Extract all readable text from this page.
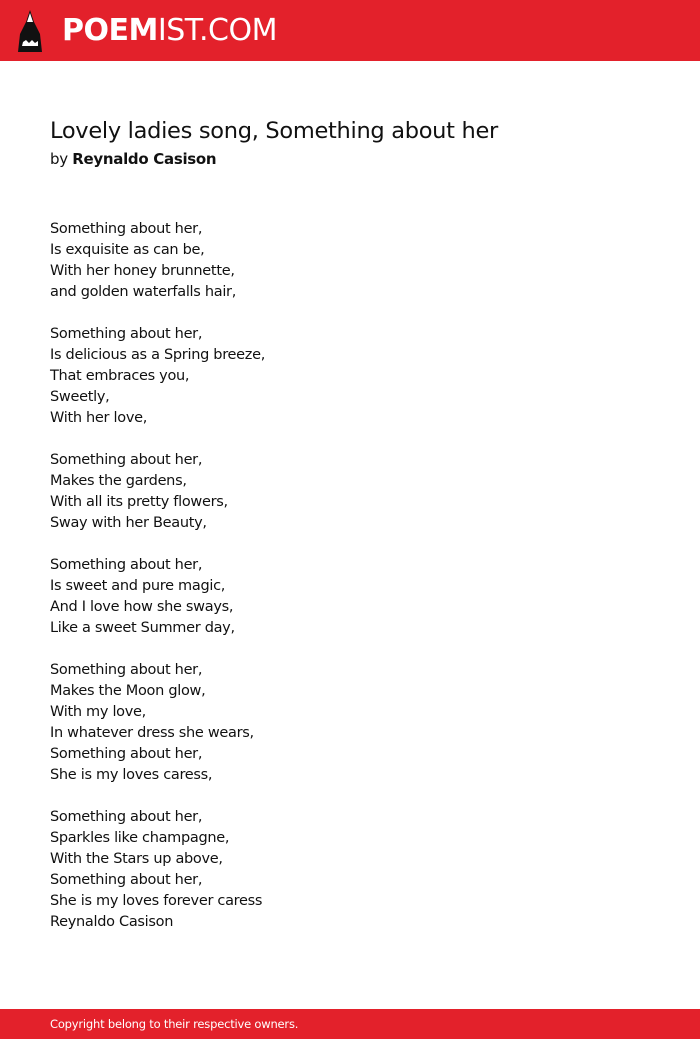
POEMIST.COM
Lovely ladies song, Something about her
by Reynaldo Casison
Something about her,
Is exquisite as can be,
With her honey brunnette,
and golden waterfalls hair,
Something about her,
Is delicious as a Spring breeze,
That embraces you,
Sweetly,
With her love,
Something about her,
Makes the gardens,
With all its pretty flowers,
Sway with her Beauty,
Something about her,
Is sweet and pure magic,
And I love how she sways,
Like a sweet Summer day,
Something about her,
Makes the Moon glow,
With my love,
In whatever dress she wears,
Something about her,
She is my loves caress,
Something about her,
Sparkles like champagne,
With the Stars up above,
Something about her,
She is my loves forever caress
Reynaldo Casison
Copyright belong to their respective owners.
